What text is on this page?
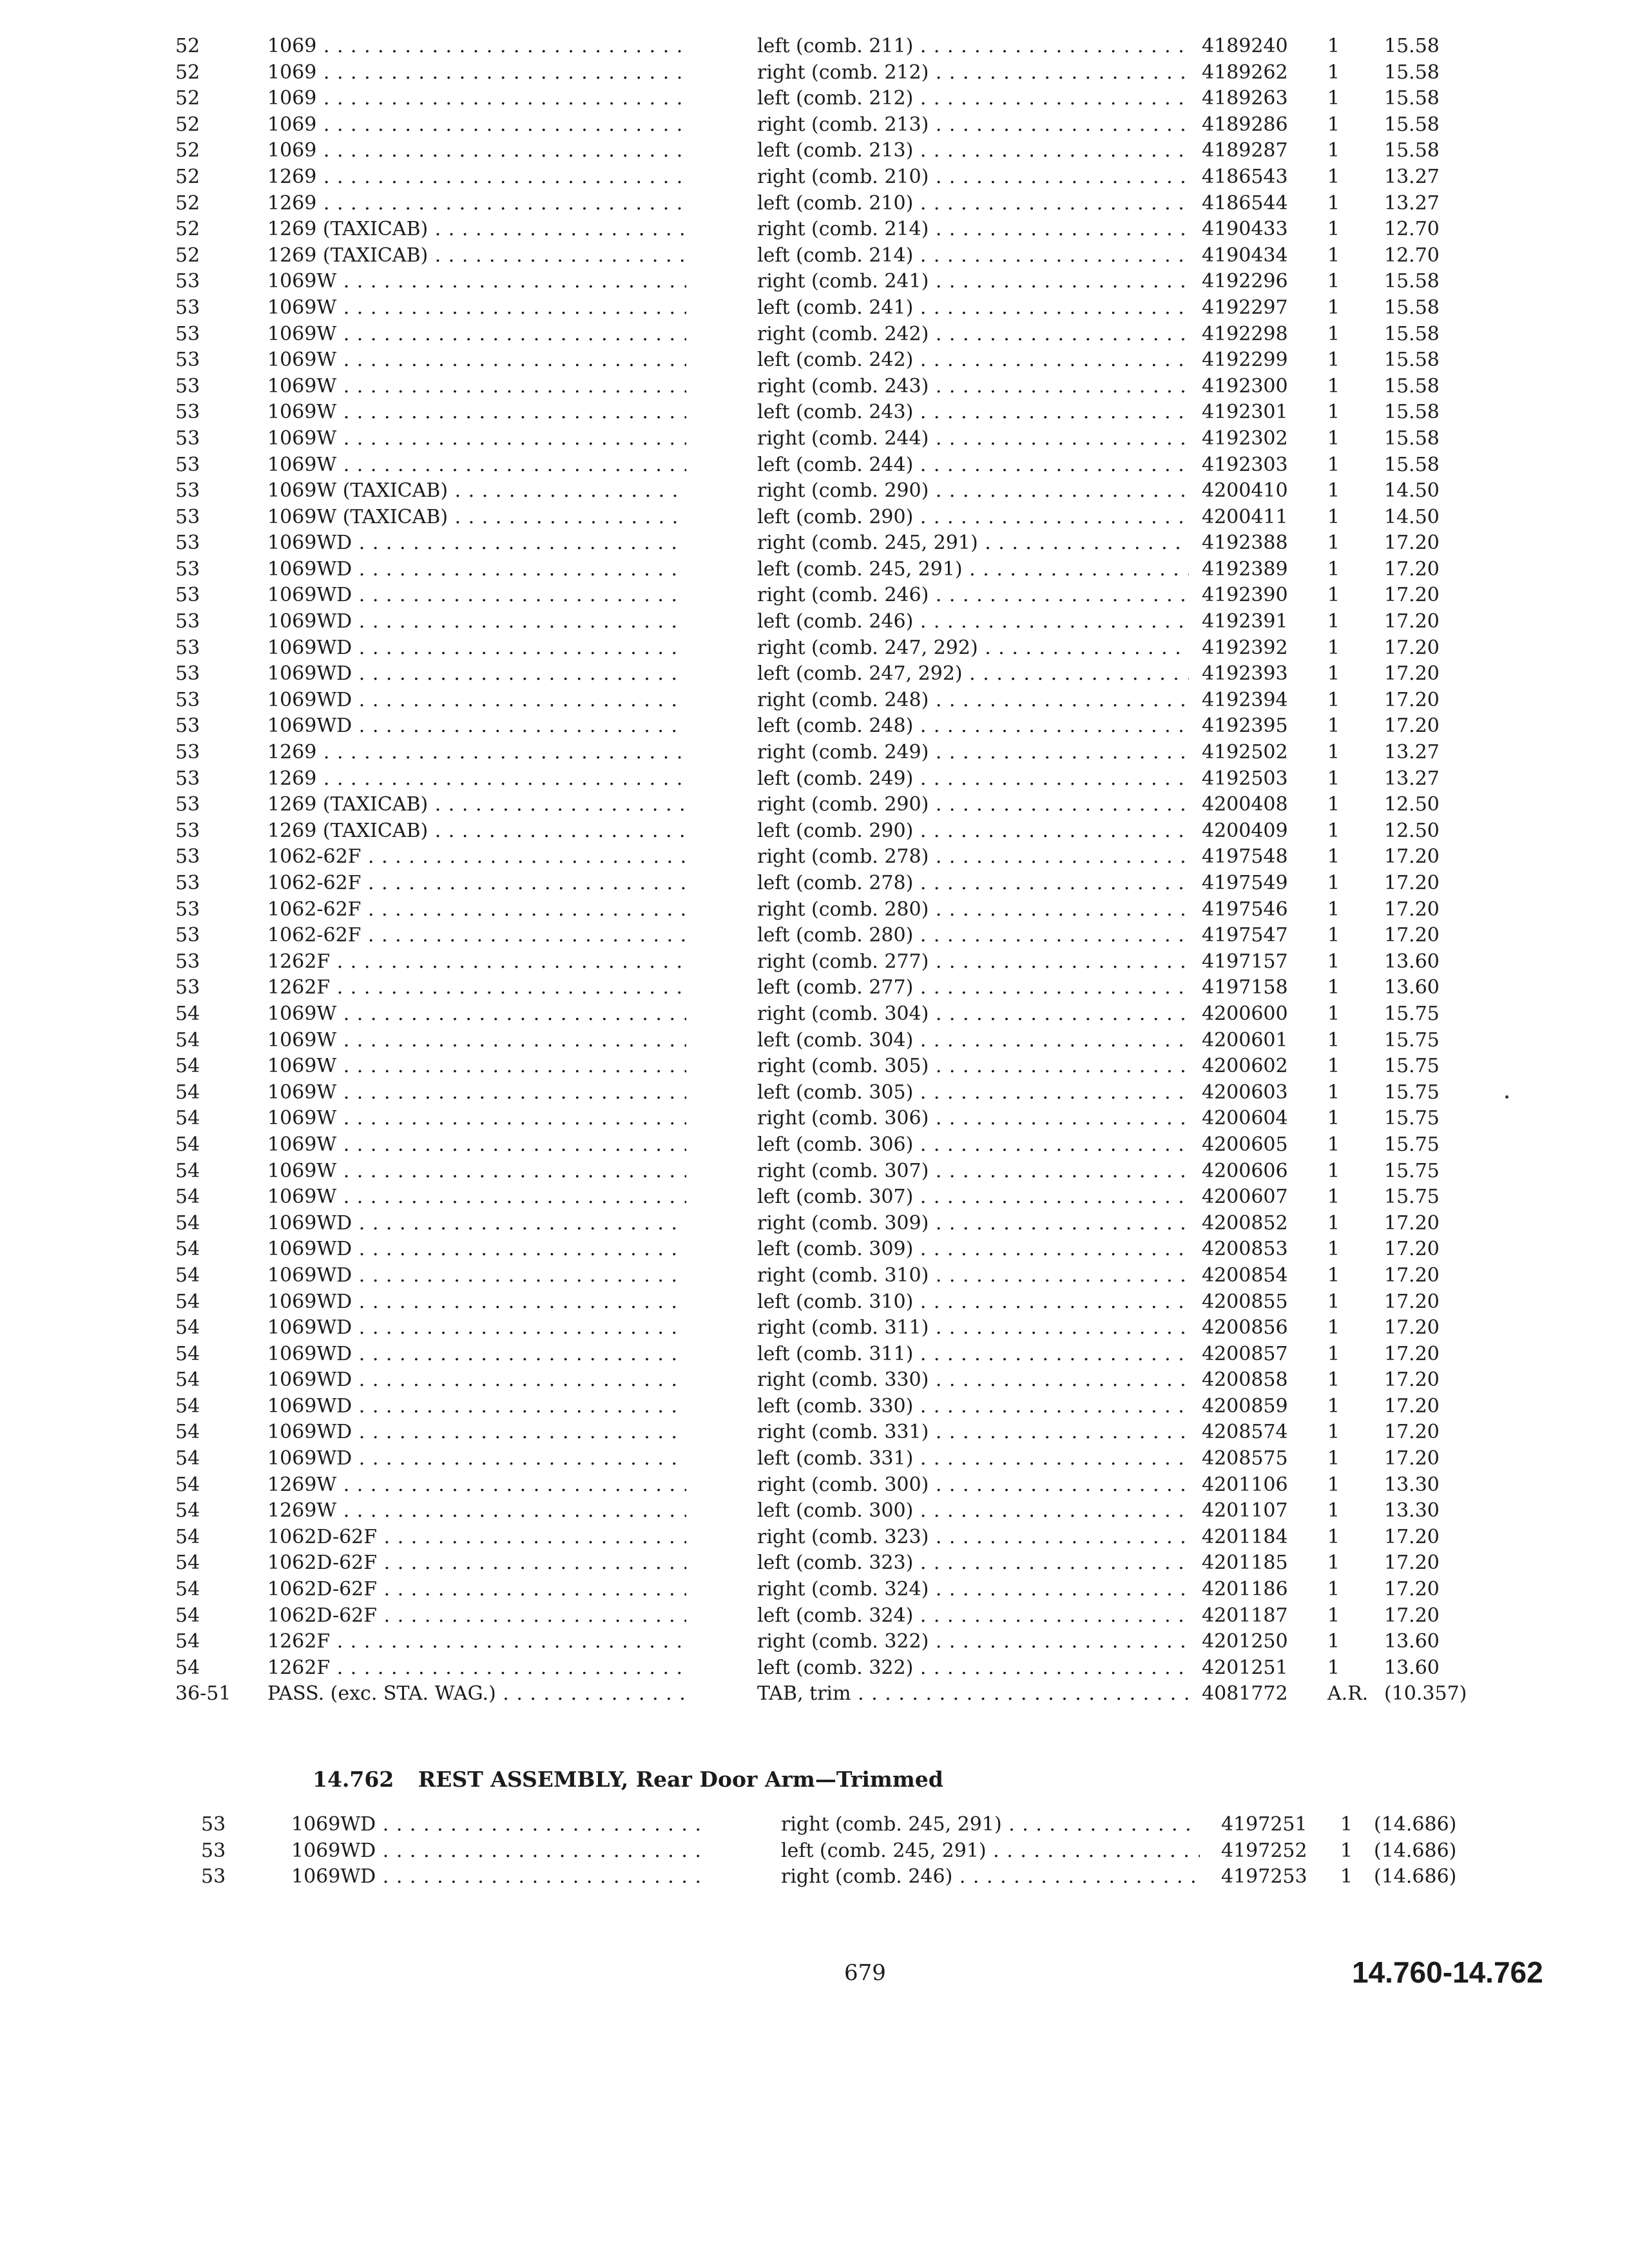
52	1069 . . .	left (comb. 211) . . .	4189240	1	15.58
52	1069 . . .	right (comb. 212) . . .	4189262	1	15.58
52	1069 . . .	left (comb. 212) . . .	4189263	1	15.58
52	1069 . . .	right (comb. 213) . . .	4189286	1	15.58
52	1069 . . .	left (comb. 213) . . .	4189287	1	15.58
52	1269 . . .	right (comb. 210) . . .	4186543	1	13.27
52	1269 . . .	left (comb. 210) . . .	4186544	1	13.27
52	1269 (TAXICAB) . . .	right (comb. 214) . . .	4190433	1	12.70
52	1269 (TAXICAB) . . .	left (comb. 214) . . .	4190434	1	12.70
53	1069W . . .	right (comb. 241) . . .	4192296	1	15.58
53	1069W . . .	left (comb. 241) . . .	4192297	1	15.58
53	1069W . . .	right (comb. 242) . . .	4192298	1	15.58
53	1069W . . .	left (comb. 242) . . .	4192299	1	15.58
53	1069W . . .	right (comb. 243) . . .	4192300	1	15.58
53	1069W . . .	left (comb. 243) . . .	4192301	1	15.58
53	1069W . . .	right (comb. 244) . . .	4192302	1	15.58
53	1069W . . .	left (comb. 244) . . .	4192303	1	15.58
53	1069W (TAXICAB) . . .	right (comb. 290) . . .	4200410	1	14.50
53	1069W (TAXICAB) . . .	left (comb. 290) . . .	4200411	1	14.50
53	1069WD . . .	right (comb. 245, 291) . . .	4192388	1	17.20
53	1069WD . . .	left (comb. 245, 291) . . .	4192389	1	17.20
53	1069WD . . .	right (comb. 246) . . .	4192390	1	17.20
53	1069WD . . .	left (comb. 246) . . .	4192391	1	17.20
53	1069WD . . .	right (comb. 247, 292) . . .	4192392	1	17.20
53	1069WD . . .	left (comb. 247, 292) . . .	4192393	1	17.20
53	1069WD . . .	right (comb. 248) . . .	4192394	1	17.20
53	1069WD . . .	left (comb. 248) . . .	4192395	1	17.20
53	1269 . . .	right (comb. 249) . . .	4192502	1	13.27
53	1269 . . .	left (comb. 249) . . .	4192503	1	13.27
53	1269 (TAXICAB) . . .	right (comb. 290) . . .	4200408	1	12.50
53	1269 (TAXICAB) . . .	left (comb. 290) . . .	4200409	1	12.50
53	1062-62F . . .	right (comb. 278) . . .	4197548	1	17.20
53	1062-62F . . .	left (comb. 278) . . .	4197549	1	17.20
53	1062-62F . . .	right (comb. 280) . . .	4197546	1	17.20
53	1062-62F . . .	left (comb. 280) . . .	4197547	1	17.20
53	1262F . . .	right (comb. 277) . . .	4197157	1	13.60
53	1262F . . .	left (comb. 277) . . .	4197158	1	13.60
54	1069W . . .	right (comb. 304) . . .	4200600	1	15.75
54	1069W . . .	left (comb. 304) . . .	4200601	1	15.75
54	1069W . . .	right (comb. 305) . . .	4200602	1	15.75
54	1069W . . .	left (comb. 305) . . .	4200603	1	15.75
54	1069W . . .	right (comb. 306) . . .	4200604	1	15.75
54	1069W . . .	left (comb. 306) . . .	4200605	1	15.75
54	1069W . . .	right (comb. 307) . . .	4200606	1	15.75
54	1069W . . .	left (comb. 307) . . .	4200607	1	15.75
54	1069WD . . .	right (comb. 309) . . .	4200852	1	17.20
54	1069WD . . .	left (comb. 309) . . .	4200853	1	17.20
54	1069WD . . .	right (comb. 310) . . .	4200854	1	17.20
54	1069WD . . .	left (comb. 310) . . .	4200855	1	17.20
54	1069WD . . .	right (comb. 311) . . .	4200856	1	17.20
54	1069WD . . .	left (comb. 311) . . .	4200857	1	17.20
54	1069WD . . .	right (comb. 330) . . .	4200858	1	17.20
54	1069WD . . .	left (comb. 330) . . .	4200859	1	17.20
54	1069WD . . .	right (comb. 331) . . .	4208574	1	17.20
54	1069WD . . .	left (comb. 331) . . .	4208575	1	17.20
54	1269W . . .	right (comb. 300) . . .	4201106	1	13.30
54	1269W . . .	left (comb. 300) . . .	4201107	1	13.30
54	1062D-62F . . .	right (comb. 323) . . .	4201184	1	17.20
54	1062D-62F . . .	left (comb. 323) . . .	4201185	1	17.20
54	1062D-62F . . .	right (comb. 324) . . .	4201186	1	17.20
54	1062D-62F . . .	left (comb. 324) . . .	4201187	1	17.20
54	1262F . . .	right (comb. 322) . . .	4201250	1	13.60
54	1262F . . .	left (comb. 322) . . .	4201251	1	13.60
36-51 PASS. (exc. STA. WAG.) . . .	TAB, trim . . .	4081772	A.R. (10.357)
14.762 REST ASSEMBLY, Rear Door Arm—Trimmed
53	1069WD . . .	right (comb. 245, 291) . . .	4197251	1	(14.686)
53	1069WD . . .	left (comb. 245, 291) . . .	4197252	1	(14.686)
53	1069WD . . .	right (comb. 246) . . .	4197253	1	(14.686)
679	14.760-14.762
